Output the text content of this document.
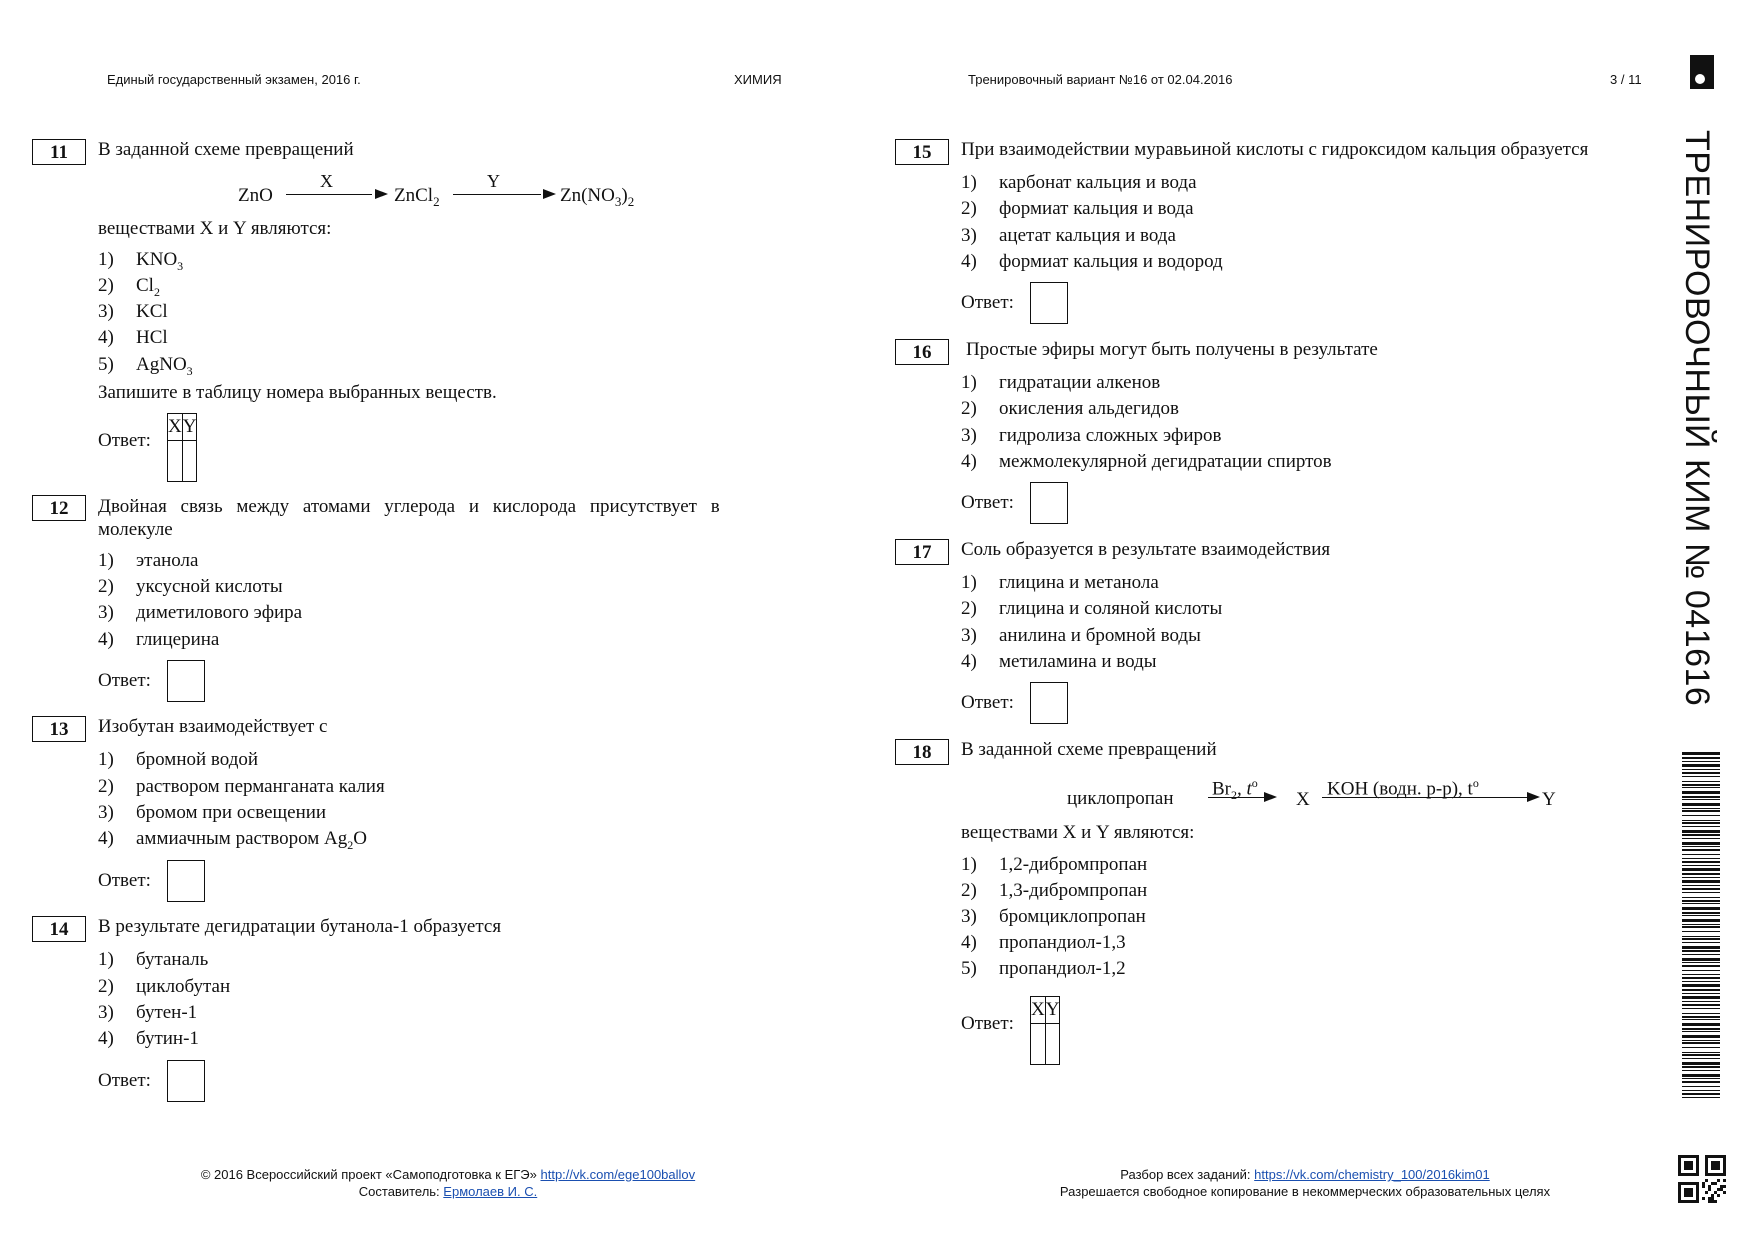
Единый государственный экзамен, 2016 г.	ХИМИЯ	Тренировочный вариант №16 от 02.04.2016	3 / 11
ТРЕНИРОВОЧНЫЙ КИМ № 041616
11	В заданной схеме превращений
ZnO
X
ZnCl$_2$
Y
$Zn(NO_3)_2$
веществами X и Y являются:
1) $KNO_3$
2) $Cl_2$
3) KCl
4) HCl
5) AgNO$_3$
Запишите в таблицу номера выбранных веществ.
Ответ:
X	Y

12	Двойная связь между атомами углерода и кислорода присутствует в
молекуле
1) этанола
2) уксусной кислоты
3) диметилового эфира
4) глицерина
Ответ:
13	Изобутан взаимодействует с
1) бромной водой
2) раствором перманганата калия
3) бромом при освещении
4) аммиачным раствором $Ag_2O$
Ответ:
14	В результате дегидратации бутанола-1 образуется
1) бутаналь
2) циклобутан
3) бутен-1
4) бутин-1
Ответ:
15	При взаимодействии муравьиной кислоты с гидроксидом кальция образуется
1) карбонат кальция и вода
2) формиат кальция и вода
3) ацетат кальция и вода
4) формиат кальция и водород
Ответ:
16	Простые эфиры могут быть получены в результате
1) гидратации алкенов
2) окисления альдегидов
3) гидролиза сложных эфиров
4) межмолекулярной дегидратации спиртов
Ответ:
17	Соль образуется в результате взаимодействия
1) глицина и метанола
2) глицина и соляной кислоты
3) анилина и бромной воды
4) метиламина и воды
Ответ:
18	В заданной схеме превращений
циклопропан $Br_2$, $t^o$
X
KOH (водн. р-р), $t^o$
Y
веществами X и Y являются:
1) 1,2-дибромпропан
2) 1,3-дибромпропан
3) бромциклопропан
4) пропандиол-1,3
5) пропандиол-1,2
Ответ:
X	Y

© 2016 Всероссийский проект «Самоподготовка к ЕГЭ» http://vk.com/ege100ballov
Составитель: Ермолаев И. С.
Разбор всех заданий: https://vk.com/chemistry_100/2016kim01
Разрешается свободное копирование в некоммерческих образовательных целях
